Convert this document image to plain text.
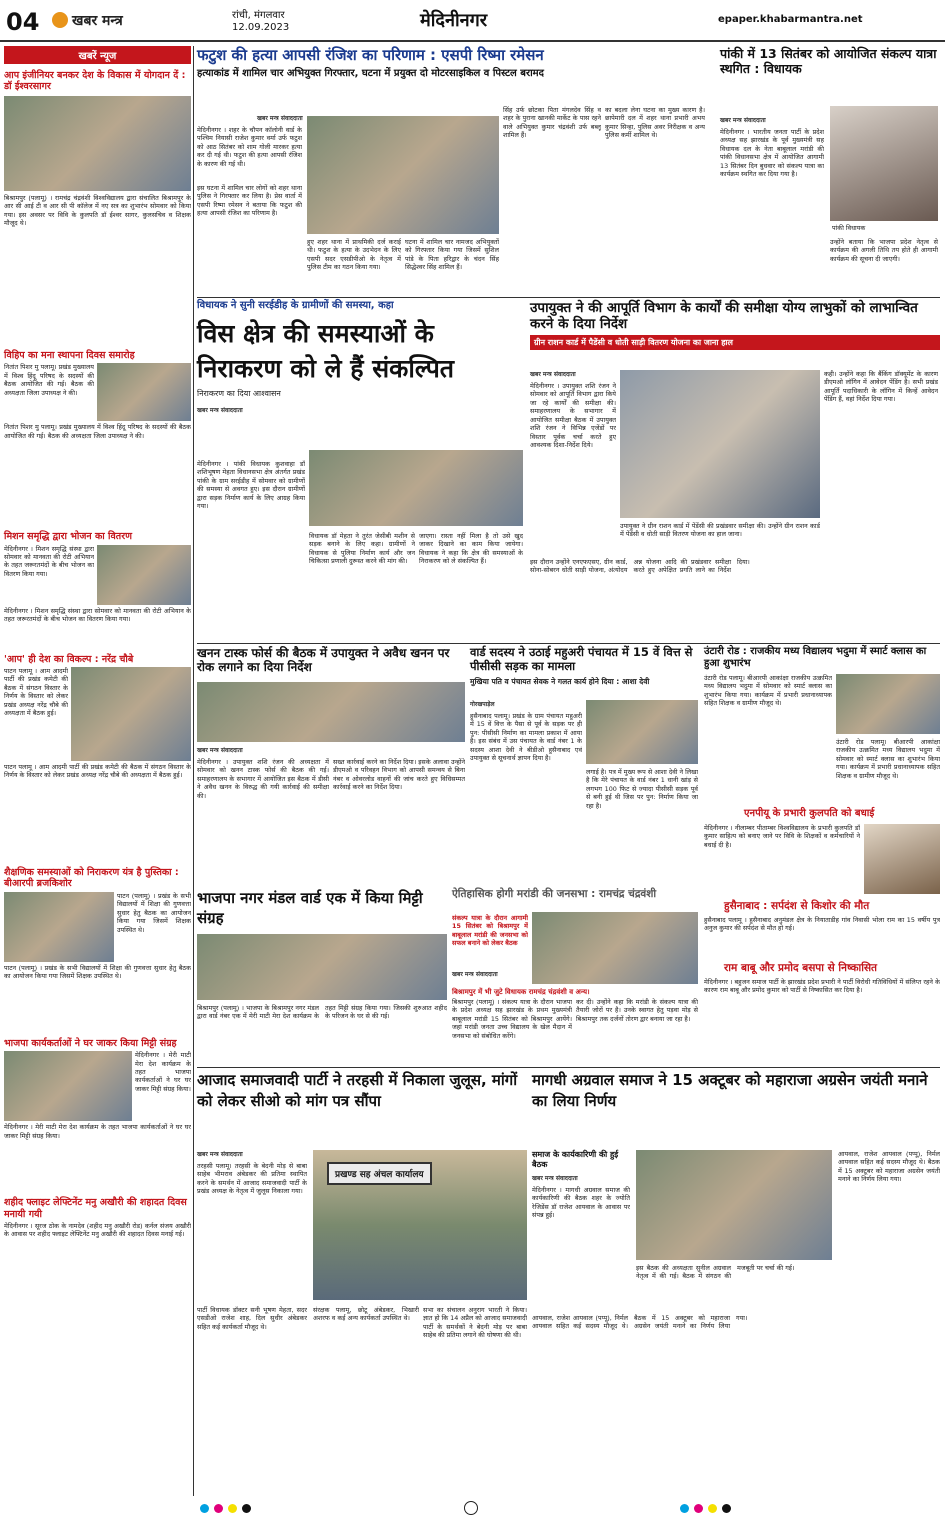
04 खबर मन्त्र	रांची, मंगलवार
12.09.2023	मेदिनीनगर	epaper.khabarmantra.net
खबरें न्यूज
आप इंजीनियर बनकर देश के विकास में योगदान दें : डॉ ईश्वरसागर
बिश्रामपुर (पलामू) । रामचंद्र चंद्रवंशी विश्वविद्यालय द्वारा संचालित बिश्रामपुर के आर सी आई टी व आर सी पी कॉलेज में नए सत्र का शुभारंभ सोमवार को किया गया। इस अवसर पर विवि के कुलपति डॉ ईश्वर सागर, कुलसचिव व शिक्षक मौजूद थे।
विहिप का मना स्थापना दिवस समारोह
नितांत पिशर मु पलामू। प्रखंड मुख्यालय में विश्व हिंदू परिषद के सदस्यों की बैठक आयोजित की गई। बैठक की अध्यक्षता जिला उपाध्यक्ष ने की।
नितांत पिशर मु पलामू। प्रखंड मुख्यालय में विश्व हिंदू परिषद के सदस्यों की बैठक आयोजित की गई। बैठक की अध्यक्षता जिला उपाध्यक्ष ने की।
मिशन समृद्धि द्वारा भोजन का वितरण
मेदिनीनगर । मिशन समृद्धि संस्था द्वारा सोमवार को मानवता की रोटी अभियान के तहत जरूरतमंदों के बीच भोजन का वितरण किया गया।
मेदिनीनगर । मिशन समृद्धि संस्था द्वारा सोमवार को मानवता की रोटी अभियान के तहत जरूरतमंदों के बीच भोजन का वितरण किया गया।
'आप' ही देश का विकल्प : नरेंद्र चौबे
पाटन पलामू । आम आदमी पार्टी की प्रखंड कमेटी की बैठक में संगठन विस्तार के निर्णय के विस्तार को लेकर प्रखंड अध्यक्ष नरेंद्र चौबे की अध्यक्षता में बैठक हुई।
पाटन पलामू । आम आदमी पार्टी की प्रखंड कमेटी की बैठक में संगठन विस्तार के निर्णय के विस्तार को लेकर प्रखंड अध्यक्ष नरेंद्र चौबे की अध्यक्षता में बैठक हुई।
शैक्षणिक समस्याओं को निराकरण यंत्र है पुस्तिका : बीआरपी ब्रजकिशोर
पाटन (पलामू) । प्रखंड के सभी विद्यालयों में शिक्षा की गुणवत्ता सुधार हेतु बैठक का आयोजन किया गया जिसमें शिक्षक उपस्थित थे।
पाटन (पलामू) । प्रखंड के सभी विद्यालयों में शिक्षा की गुणवत्ता सुधार हेतु बैठक का आयोजन किया गया जिसमें शिक्षक उपस्थित थे।
भाजपा कार्यकर्ताओं ने घर जाकर किया मिट्टी संग्रह
मेदिनीनगर । मेरी माटी मेरा देश कार्यक्रम के तहत भाजपा कार्यकर्ताओं ने घर घर जाकर मिट्टी संग्रह किया।
मेदिनीनगर । मेरी माटी मेरा देश कार्यक्रम के तहत भाजपा कार्यकर्ताओं ने घर घर जाकर मिट्टी संग्रह किया।
शहीद फ्लाइट लेफ्टिनेंट मनु अखौरी की शहादत दिवस मनायी गयी
मेदिनीनगर । सूरज ठोक के नामदेव (शहीद मनु अखौरी रोड) कर्नल संजय अखौरी के आवास पर शहीद फ्लाइट लेफ्टिनेंट मनु अखौरी की शहादत दिवस मनाई गई।
फटुश की हत्या आपसी रंजिश का परिणाम : एसपी रिष्मा रमेसन
हत्याकांड में शामिल चार अभियुक्त गिरफ्तार, घटना में प्रयुक्त दो मोटरसाइकिल व पिस्टल बरामद
खबर मन्त्र संवाददाता
मेदिनीनगर । शहर के चौपन कॉलोनी वार्ड के पश्चिम नियासी राजेश कुमार वर्मा उर्फ फटुश को आठ सितंबर को शाम गोली मारकर हत्या कर दी गई थी। फटुश की हत्या आपसी रंजिश के कारण की गई थी।
इस घटना में शामिल चार लोगों को शहर थाना पुलिस ने गिरफ्तार कर लिया है। प्रेस वार्ता में एसपी रिष्मा रमेसन ने बताया कि फटुश की हत्या आपसी रंजिश का परिणाम है।
हुए शहर थाना में प्राथमिकी दर्ज कराई थी। फटुश के हत्या के उदभेदन के लिए एसपी सदर एसडीपीओ के नेतृत्व में पुलिस टीम का गठन किया गया।
घटना में शामिल चार नामजद अभियुक्तों को गिरफ्तार किया गया जिसमें सुशिल पांडे के पिता हरिद्वार के चंदन सिंह सिद्धेश्वर सिंह शामिल हैं।
सिंह उर्फ छोटका पिता मंगलदेव सिंह व शहर के पुराना खानकी मार्केट के पास रहने वाले अभियुक्त कुमार चंद्रवंशी उर्फ बब्लू शामिल हैं।
का बदला लेना घटना का मुख्य कारण है। छापेमारी दल में शहर थाना प्रभारी अभय कुमार सिन्हा, पुलिस अवर निरीक्षक व अन्य पुलिस कर्मी शामिल थे।
पांकी में 13 सितंबर को आयोजित संकल्प यात्रा स्थगित : विधायक
खबर मन्त्र संवाददाता
मेदिनीनगर । भारतीय जनता पार्टी के प्रदेश अध्यक्ष सह झारखंड के पूर्व मुख्यमंत्री सह विधायक दल के नेता बाबूलाल मरांडी की पांकी विधानसभा क्षेत्र में आयोजित आगामी 13 सितंबर दिन बुधवार को संकल्प यात्रा का कार्यक्रम स्थगित कर दिया गया है।
पांकी विधायक
उन्होंने बताया कि भाजपा प्रदेश नेतृत्व से कार्यक्रम की अगली तिथि तय होते ही आगामी कार्यक्रम की सूचना दी जाएगी।
विधायक ने सुनी सरईडीह के ग्रामीणों की समस्या, कहा
विस क्षेत्र की समस्याओं के निराकरण को ले हैं संकल्पित
निराकरण का दिया आश्वासन
खबर मन्त्र संवाददाता
मेदिनीनगर । पांकी विधायक कुशवाहा डॉ शशिभूषण मेहता विधानसभा क्षेत्र अंतर्गत प्रखंड पांकी के ग्राम सरईडीह में सोमवार को ग्रामीणों की समस्या से अवगत हुए। इस दौरान ग्रामीणों द्वारा सड़क निर्माण कार्य के लिए आग्रह किया गया।
विधायक डॉ मेहता ने तुरंत जेसीबी मशीन से सड़क बनाने के लिए कहा। ग्रामीणों ने विधायक से पुलिया निर्माण कार्य और जन चिकित्सा प्रणाली दुरूस्त करने की मांग की।
जाएगा। रास्ता नहीं मिला है तो उसे खुद जाकर दिखाने का काम किया जायेगा। विधायक ने कहा कि क्षेत्र की समस्याओं के निराकरण को ले संकल्पित हैं।
उपायुक्त ने की आपूर्ति विभाग के कार्यों की समीक्षा योग्य लाभुकों को लाभान्वित करने के दिया निर्देश
ग्रीन राशन कार्ड में पैडेंसी व धोती साड़ी वितरण योजना का जाना हाल
खबर मन्त्र संवाददाता
मेदिनीनगर । उपायुक्त शशि रंजन ने सोमवार को आपूर्ति विभाग द्वारा किये जा रहे कार्यों की समीक्षा की। समाहरणालय के सभागार में आयोजित समीक्षा बैठक में उपायुक्त शशि रंजन ने विभिन्न एजेंडों पर विस्तार पूर्वक चर्चा करते हुए आवश्यक दिशा-निर्देश दिये।
उपायुक्त ने ग्रीन राशन कार्ड में पेंडेंसी की प्रखंडवार समीक्षा की। उन्होंने ग्रीन राशन कार्ड में पेंडेंसी व धोती साड़ी वितरण योजना का हाल जाना।
कही। उन्होंने कहा कि बैंकिंग डॉक्यूमेंट के कारण डीएमओ लॉगिन में आवेदन पेंडिंग है। सभी प्रखंड आपूर्ति पदाधिकारी के लॉगिन में किन्हें आवेदन पेंडिंग हैं, वहां निर्देश दिया गया।
इस दौरान उन्होंने एनएफएसए, ग्रीन कार्ड, सोना-सोबरन धोती साड़ी योजना, अंत्योदय अन्न योजना आदि की प्रखंडवार समीक्षा करते हुए अपेक्षित प्रगति लाने का निर्देश दिया।
खनन टास्क फोर्स की बैठक में उपायुक्त ने अवैध खनन पर रोक लगाने का दिया निर्देश
खबर मन्त्र संवाददाता
मेदिनीनगर । उपायुक्त शशि रंजन की अध्यक्षता में सोमवार को खनन टास्क फोर्स की बैठक की गई। समाहरणालय के सभागार में आयोजित इस बैठक में डीसी ने अवैध खनन के विरुद्ध की गयी कार्रवाई की समीक्षा की।
सख्त कार्रवाई करने का निर्देश दिया। इसके अलावा उन्होंने डीएमओ व परिवहन विभाग को आपसी समन्वय से बिना नंबर व ओवरलोड वाहनों की जांच करते हुए विधिसम्मत कार्रवाई करने का निर्देश दिया।
वार्ड सदस्य ने उठाई महुअरी पंचायत में 15 वें वित्त से पीसीसी सड़क का मामला
मुखिया पति व पंचायत सेवक ने गलत कार्य होने दिया : आशा देवी
गोरखपाड़ेल
हुसैनाबाद पलामू। प्रखंड के ग्राम पंचायत महुअरी में 15 वें वित्त के पैसा से पूर्व के सड़क पर ही पुन: पीसीसी निर्माण का मामला प्रकाश में आया है। इस संबंध में उस पंचायत के वार्ड नंबर 1 के सदस्य आशा देवी ने बीडीओ हुसैनाबाद एवं उपायुक्त से सूचनार्थ ज्ञापन दिया है।
लगाई है। पत्र में मुख्य रूप से आशा देवी ने लिखा है कि मेरे पंचायत के वार्ड नंबर 1 धानी खांड़ से लगभग 100 फिट से ज्यादा पीसीसी सड़क पूर्व से बनी हुई थी जिस पर पुन: निर्माण किया जा रहा है।
उंटारी रोड : राजकीय मध्य विद्यालय भदुमा में स्मार्ट क्लास का हुआ शुभारंभ
उंटारी रोड पलामू। बीआरपी आकांक्षा राजकीय उत्क्रमित मध्य विद्यालय भदुमा में सोमवार को स्मार्ट क्लास का शुभारंभ किया गया। कार्यक्रम में प्रभारी प्रधानाध्यापक सहित शिक्षक व ग्रामीण मौजूद थे।
उंटारी रोड पलामू। बीआरपी आकांक्षा राजकीय उत्क्रमित मध्य विद्यालय भदुमा में सोमवार को स्मार्ट क्लास का शुभारंभ किया गया। कार्यक्रम में प्रभारी प्रधानाध्यापक सहित शिक्षक व ग्रामीण मौजूद थे।
एनपीयू के प्रभारी कुलपति को बधाई
मेदिनीनगर । नीलाम्बर पीताम्बर विश्वविद्यालय के प्रभारी कुलपति डॉ कुमार साहित्य को बनाए जाने पर विवि के शिक्षकों व कर्मचारियों ने बधाई दी है।
हुसैनाबाद : सर्पदंश से किशोर की मौत
हुसैनाबाद पलामू । हुसैनाबाद अनुमंडल क्षेत्र के नियाताडीह गांव निवासी भोला राम का 15 वर्षीय पुत्र अनुज कुमार की सर्पदंश से मौत हो गई।
राम बाबू और प्रमोद बसपा से निष्कासित
मेदिनीनगर । बहुजन समाज पार्टी के झारखंड प्रदेश प्रभारी ने पार्टी विरोधी गतिविधियों में संलिप्त रहने के कारण राम बाबू और प्रमोद कुमार को पार्टी से निष्कासित कर दिया है।
भाजपा नगर मंडल वार्ड एक में किया मिट्टी संग्रह
बिश्रामपुर (पलामू) । भाजपा के बिश्रामपुर नगर मंडल द्वारा वार्ड नंबर एक में मेरी माटी मेरा देश कार्यक्रम के तहत मिट्टी संग्रह किया गया। जिसकी शुरुआत शहीद के परिजन के घर से की गई।
ऐतिहासिक होगी मरांडी की जनसभा : रामचंद्र चंद्रवंशी
संकल्प यात्रा के दौरान आगामी 15 सितंबर को बिश्रामपुर में बाबूलाल मरांडी की जनसभा को सफल बनाने को लेकर बैठक
खबर मन्त्र संवाददाता
बिश्रामपुर में भी जुटे विधायक रामचंद्र चंद्रवंशी व अन्य।
बिश्रामपुर (पलामू) । संकल्प यात्रा के दौरान भाजपा के प्रदेश अध्यक्ष सह झारखंड के प्रथम मुख्यमंत्री बाबूलाल मरांडी 15 सितंबर को बिश्रामपुर आयेंगे। जहां मरांडी जनता उच्च विद्यालय के खेल मैदान में जनसभा को संबोधित करेंगे।
कर दी। उन्होंने कहा कि मरांडी के संकल्प यात्रा की तैयारी जोरों पर है। उनके स्वागत हेतु पड़वा मोड़ से बिश्रामपुर तक दर्जनों तोरण द्वार बनाया जा रहा है।
आजाद समाजवादी पार्टी ने तरहसी में निकाला जुलूस, मांगों को लेकर सीओ को मांग पत्र सौंपा
खबर मन्त्र संवाददाता
तरहसी पलामू। तरहसी के बेदनी मोड़ से बाबा साहेब भीमराव अंबेडकर की प्रतिमा स्थापित करने के समर्थन में आजाद समाजवादी पार्टी के प्रखंड अध्यक्ष के नेतृत्व में जुलूस निकाला गया।
प्रखण्ड सह अंचल कार्यालय
पार्टी विधायक डॉक्टर सनी भूषण मेहता, सदर एसडीओ राजेश शाह, दिल सुधीर अंबेडकर सहित कई कार्यकर्ता मौजूद थे।
संरक्षक पलामू, छोटू अंबेडकर, भिखारी अशरफ व कई अन्य कार्यकर्ता उपस्थित थे।
सभा का संचालन अनुराग भारती ने किया। ज्ञात हो कि 14 अप्रैल को आजाद समाजवादी पार्टी के समर्थकों ने बेदनी मोड़ पर बाबा साहेब की प्रतिमा लगाने की घोषणा की थी।
मागधी अग्रवाल समाज ने 15 अक्टूबर को महाराजा अग्रसेन जयंती मनाने का लिया निर्णय
समाज के कार्यकारिणी की हुई बैठक
खबर मन्त्र संवाददाता
मेदिनीनगर । मागधी अग्रवाल समाज की कार्यकारिणी की बैठक शहर के ज्योति रेजिडेंस डॉ राजेश आयवाल के आवास पर संपन्न हुई।
इस बैठक की अध्यक्षता सुनील अग्रवाल नेतृत्व में की गई। बैठक में संगठन की मजबूती पर चर्चा की गई।
आयवाल, राजेश आयवाल (पप्पू), निर्मल आयवाल सहित कई सदस्य मौजूद थे। बैठक में 15 अक्टूबर को महाराजा अग्रसेन जयंती मनाने का निर्णय लिया गया।
आयवाल, राजेश आयवाल (पप्पू), निर्मल आयवाल सहित कई सदस्य मौजूद थे। बैठक में 15 अक्टूबर को महाराजा अग्रसेन जयंती मनाने का निर्णय लिया गया।
